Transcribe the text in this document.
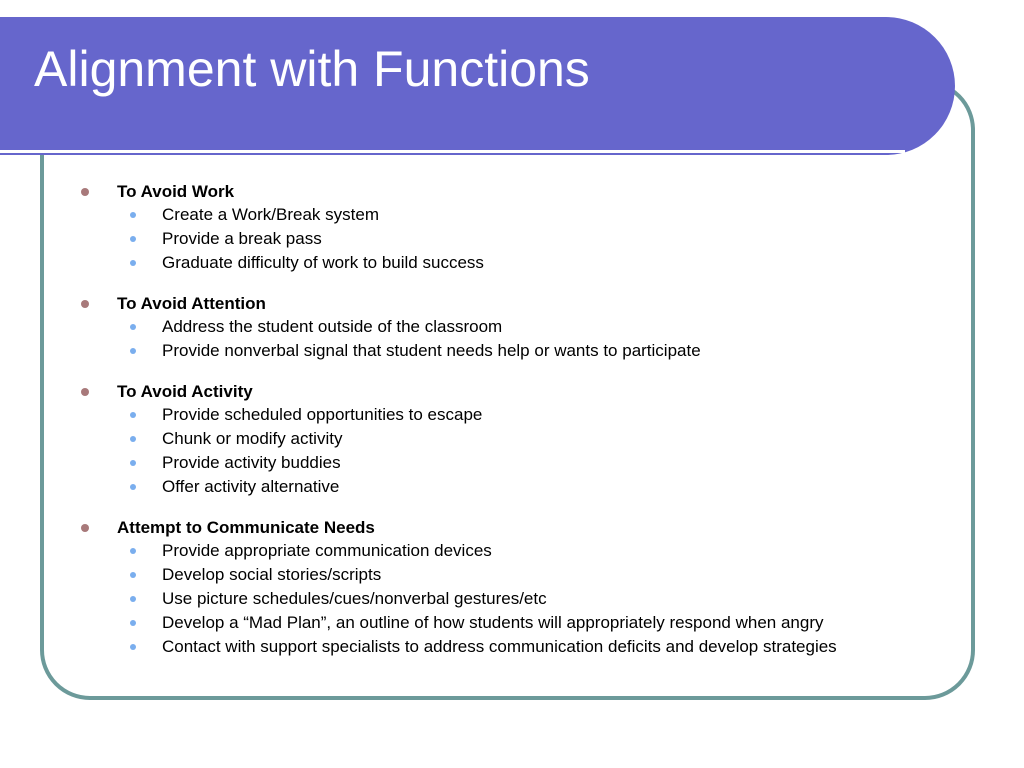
Alignment with Functions
To Avoid Work
Create a Work/Break system
Provide a break pass
Graduate difficulty of work to build success
To Avoid Attention
Address the student outside of the classroom
Provide nonverbal signal that student needs help or wants to participate
To Avoid Activity
Provide scheduled opportunities to escape
Chunk or modify activity
Provide activity buddies
Offer activity alternative
Attempt to Communicate Needs
Provide appropriate communication devices
Develop social stories/scripts
Use picture schedules/cues/nonverbal gestures/etc
Develop a “Mad Plan”, an outline of how students will appropriately respond when angry
Contact with support specialists to address communication deficits and develop strategies
